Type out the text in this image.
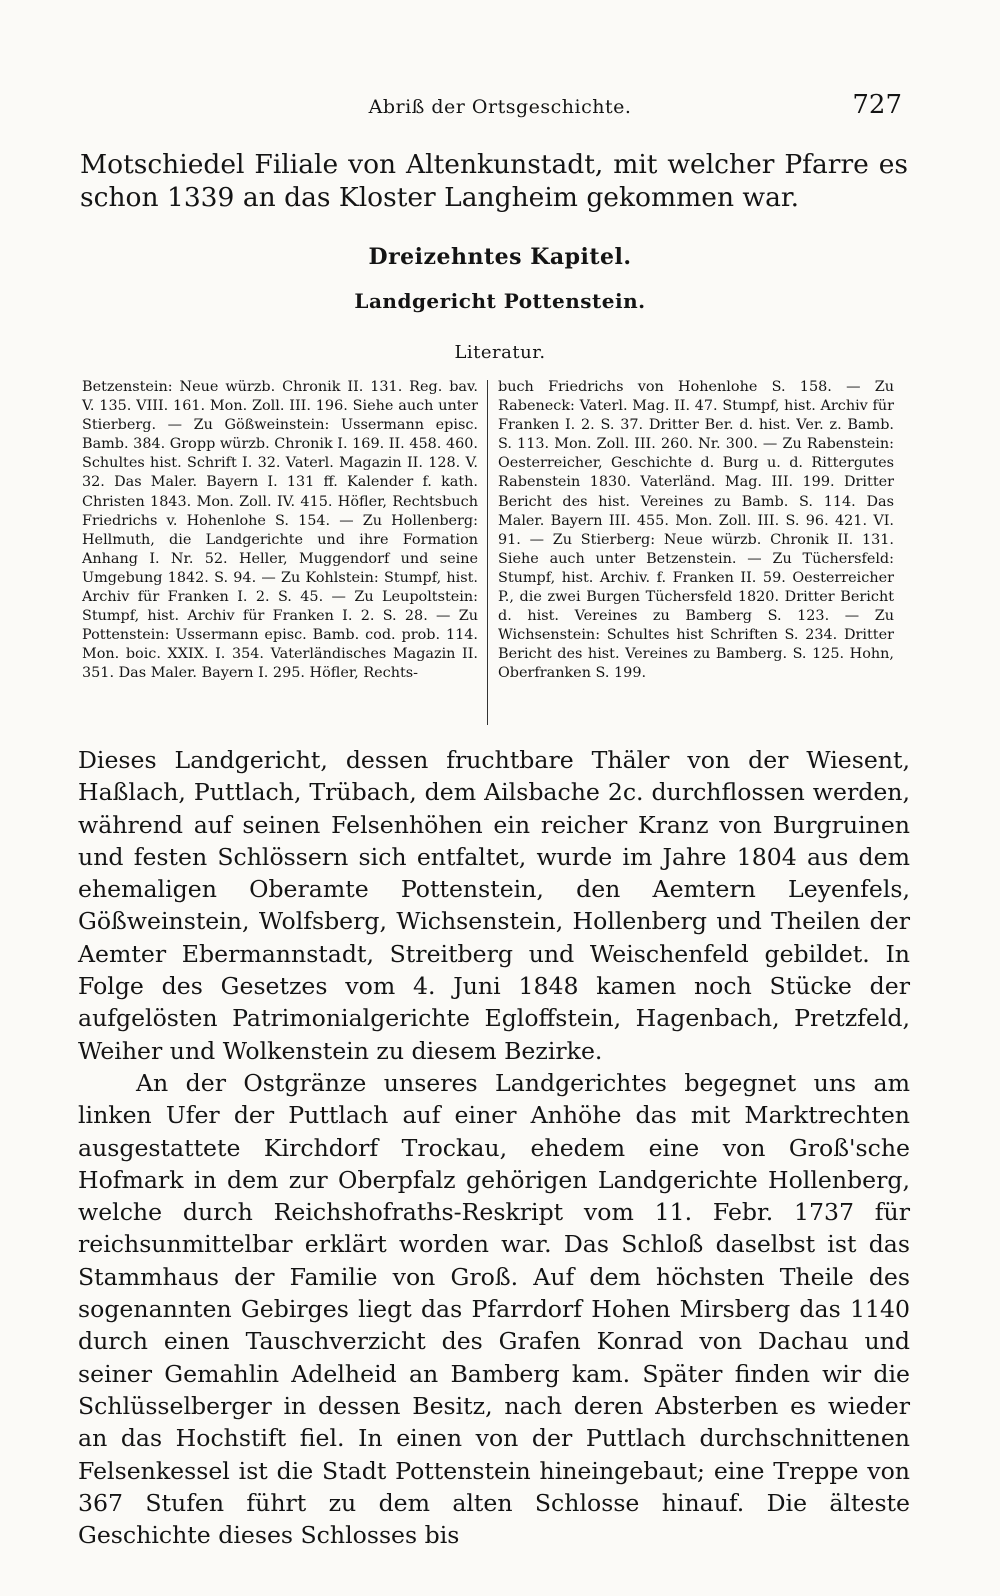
Abriß der Ortsgeschichte.	727
Motschiedel Filiale von Altenkunstadt, mit welcher Pfarre es schon 1339 an das Kloster Langheim gekommen war.
Dreizehntes Kapitel.
Landgericht Pottenstein.
Literatur.
Betzenstein: Neue würzb. Chronik II. 131. Reg. bav. V. 135. VIII. 161. Mon. Zoll. III. 196. Siehe auch unter Stierberg. — Zu Gößweinstein: Ussermann episc. Bamb. 384. Gropp würzb. Chronik I. 169. II. 458. 460. Schultes hist. Schrift I. 32. Vaterl. Magazin II. 128. V. 32. Das Maler. Bayern I. 131 ff. Kalender f. kath. Christen 1843. Mon. Zoll. IV. 415. Höfler, Rechtsbuch Friedrichs v. Hohenlohe S. 154. — Zu Hollenberg: Hellmuth, die Landgerichte und ihre Formation Anhang I. Nr. 52. Heller, Muggendorf und seine Umgebung 1842. S. 94. — Zu Kohlstein: Stumpf, hist. Archiv für Franken I. 2. S. 45. — Zu Leupoltstein: Stumpf, hist. Archiv für Franken I. 2. S. 28. — Zu Pottenstein: Ussermann episc. Bamb. cod. prob. 114. Mon. boic. XXIX. I. 354. Vaterländisches Magazin II. 351. Das Maler. Bayern I. 295. Höfler, Rechts-
buch Friedrichs von Hohenlohe S. 158. — Zu Rabeneck: Vaterl. Mag. II. 47. Stumpf, hist. Archiv für Franken I. 2. S. 37. Dritter Ber. d. hist. Ver. z. Bamb. S. 113. Mon. Zoll. III. 260. Nr. 300. — Zu Rabenstein: Oesterreicher, Geschichte d. Burg u. d. Rittergutes Rabenstein 1830. Vaterländ. Mag. III. 199. Dritter Bericht des hist. Vereines zu Bamb. S. 114. Das Maler. Bayern III. 455. Mon. Zoll. III. S. 96. 421. VI. 91. — Zu Stierberg: Neue würzb. Chronik II. 131. Siehe auch unter Betzenstein. — Zu Tüchersfeld: Stumpf, hist. Archiv. f. Franken II. 59. Oesterreicher P., die zwei Burgen Tüchersfeld 1820. Dritter Bericht d. hist. Vereines zu Bamberg S. 123. — Zu Wichsenstein: Schultes hist Schriften S. 234. Dritter Bericht des hist. Vereines zu Bamberg. S. 125. Hohn, Oberfranken S. 199.

Dieses Landgericht, dessen fruchtbare Thäler von der Wiesent, Haßlach, Puttlach, Trübach, dem Ailsbache 2c. durchflossen werden, während auf seinen Felsenhöhen ein reicher Kranz von Burgruinen und festen Schlössern sich entfaltet, wurde im Jahre 1804 aus dem ehemaligen Oberamte Pottenstein, den Aemtern Leyenfels, Gößweinstein, Wolfsberg, Wichsenstein, Hollenberg und Theilen der Aemter Ebermannstadt, Streitberg und Weischenfeld gebildet. In Folge des Gesetzes vom 4. Juni 1848 kamen noch Stücke der aufgelösten Patrimonialgerichte Egloffstein, Hagenbach, Pretzfeld, Weiher und Wolkenstein zu diesem Bezirke.

An der Ostgränze unseres Landgerichtes begegnet uns am linken Ufer der Puttlach auf einer Anhöhe das mit Marktrechten ausgestattete Kirchdorf Trockau, ehedem eine von Groß'sche Hofmark in dem zur Oberpfalz gehörigen Landgerichte Hollenberg, welche durch Reichshofraths-Reskript vom 11. Febr. 1737 für reichsunmittelbar erklärt worden war. Das Schloß daselbst ist das Stammhaus der Familie von Groß. Auf dem höchsten Theile des sogenannten Gebirges liegt das Pfarrdorf Hohen Mirsberg das 1140 durch einen Tauschverzicht des Grafen Konrad von Dachau und seiner Gemahlin Adelheid an Bamberg kam. Später finden wir die Schlüsselberger in dessen Besitz, nach deren Absterben es wieder an das Hochstift fiel. In einen von der Puttlach durchschnittenen Felsenkessel ist die Stadt Pottenstein hineingebaut; eine Treppe von 367 Stufen führt zu dem alten Schlosse hinauf. Die älteste Geschichte dieses Schlosses bis
